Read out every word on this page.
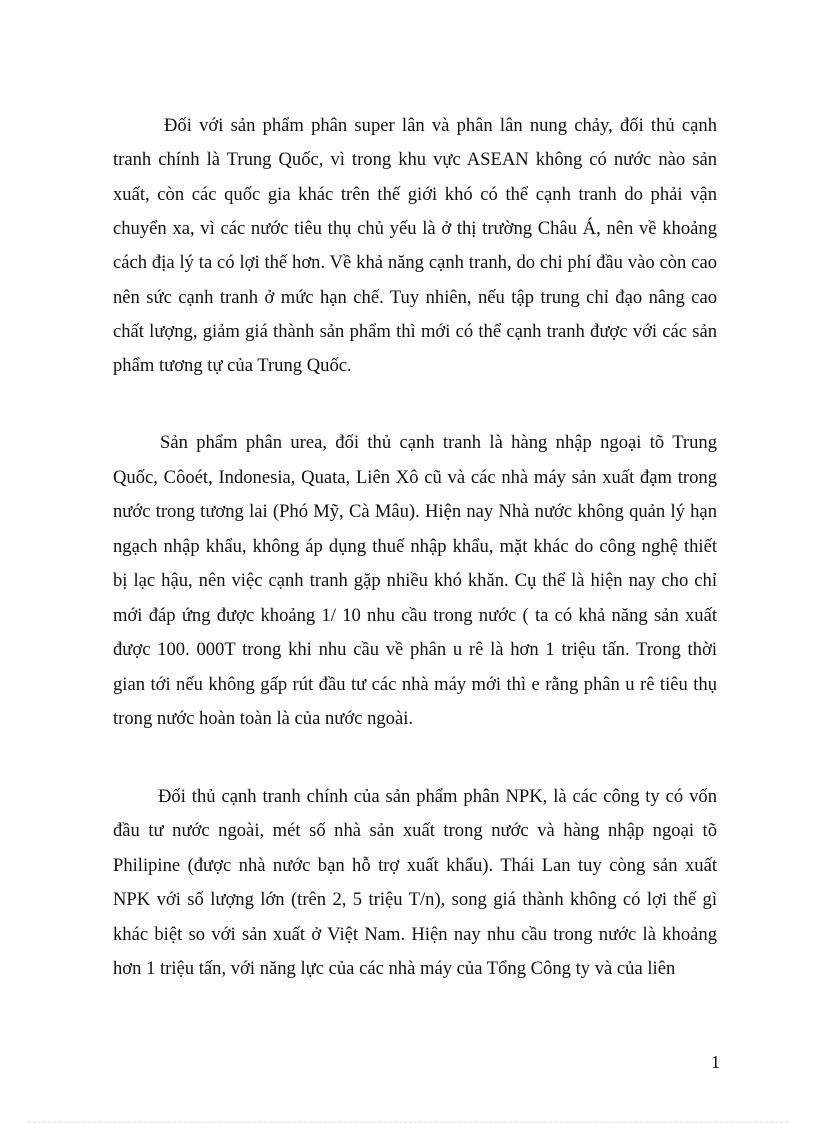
Đối với sản phẩm phân super lân và phân lân nung chảy, đối thủ cạnh
tranh chính là Trung Quốc, vì trong khu vực ASEAN không có nước nào sản
xuất, còn các quốc gia khác trên thế giới khó có thể cạnh tranh do phải vận
chuyển xa, vì các nước tiêu thụ chủ yếu là ở thị trường Châu Á, nên về khoảng
cách địa lý ta có lợi thế hơn. Về khả năng cạnh tranh, do chi phí đầu vào còn cao
nên sức cạnh tranh ở mức hạn chế. Tuy nhiên, nếu tập trung chỉ đạo nâng cao
chất lượng, giảm giá thành sản phẩm thì mới có thể cạnh tranh được với các sản
phẩm tương tự của Trung Quốc.
Sản phẩm phân urea, đối thủ cạnh tranh là hàng nhập ngoại tõ Trung
Quốc, Côoét, Indonesia, Quata, Liên Xô cũ và các nhà máy sản xuất đạm trong
nước trong tương lai (Phó Mỹ, Cà Mâu). Hiện nay Nhà nước không quản lý hạn
ngạch nhập khẩu, không áp dụng thuế nhập khẩu, mặt khác do công nghệ thiết
bị lạc hậu, nên việc cạnh tranh gặp nhiều khó khăn. Cụ thể là hiện nay cho chỉ
mới đáp ứng được khoảng 1/ 10 nhu cầu trong nước ( ta có khả năng sản xuất
được 100. 000T trong khi nhu cầu về phân u rê là hơn 1 triệu tấn. Trong thời
gian tới nếu không gấp rút đầu tư các nhà máy mới thì e rằng phân u rê tiêu thụ
trong nước hoàn toàn là của nước ngoài.
Đối thủ cạnh tranh chính của sản phẩm phân NPK, là các công ty có vốn
đầu tư nước ngoài, mét số nhà sản xuất trong nước và hàng nhập ngoại tõ
Philipine (được nhà nước bạn hỗ trợ xuất khẩu). Thái Lan tuy còng sản xuất
NPK với số lượng lớn (trên 2, 5 triệu T/n), song giá thành không có lợi thế gì
khác biệt so với sản xuất ở Việt Nam. Hiện nay nhu cầu trong nước là khoảng
hơn 1 triệu tấn, với năng lực của các nhà máy của Tổng Công ty và của liên
1
